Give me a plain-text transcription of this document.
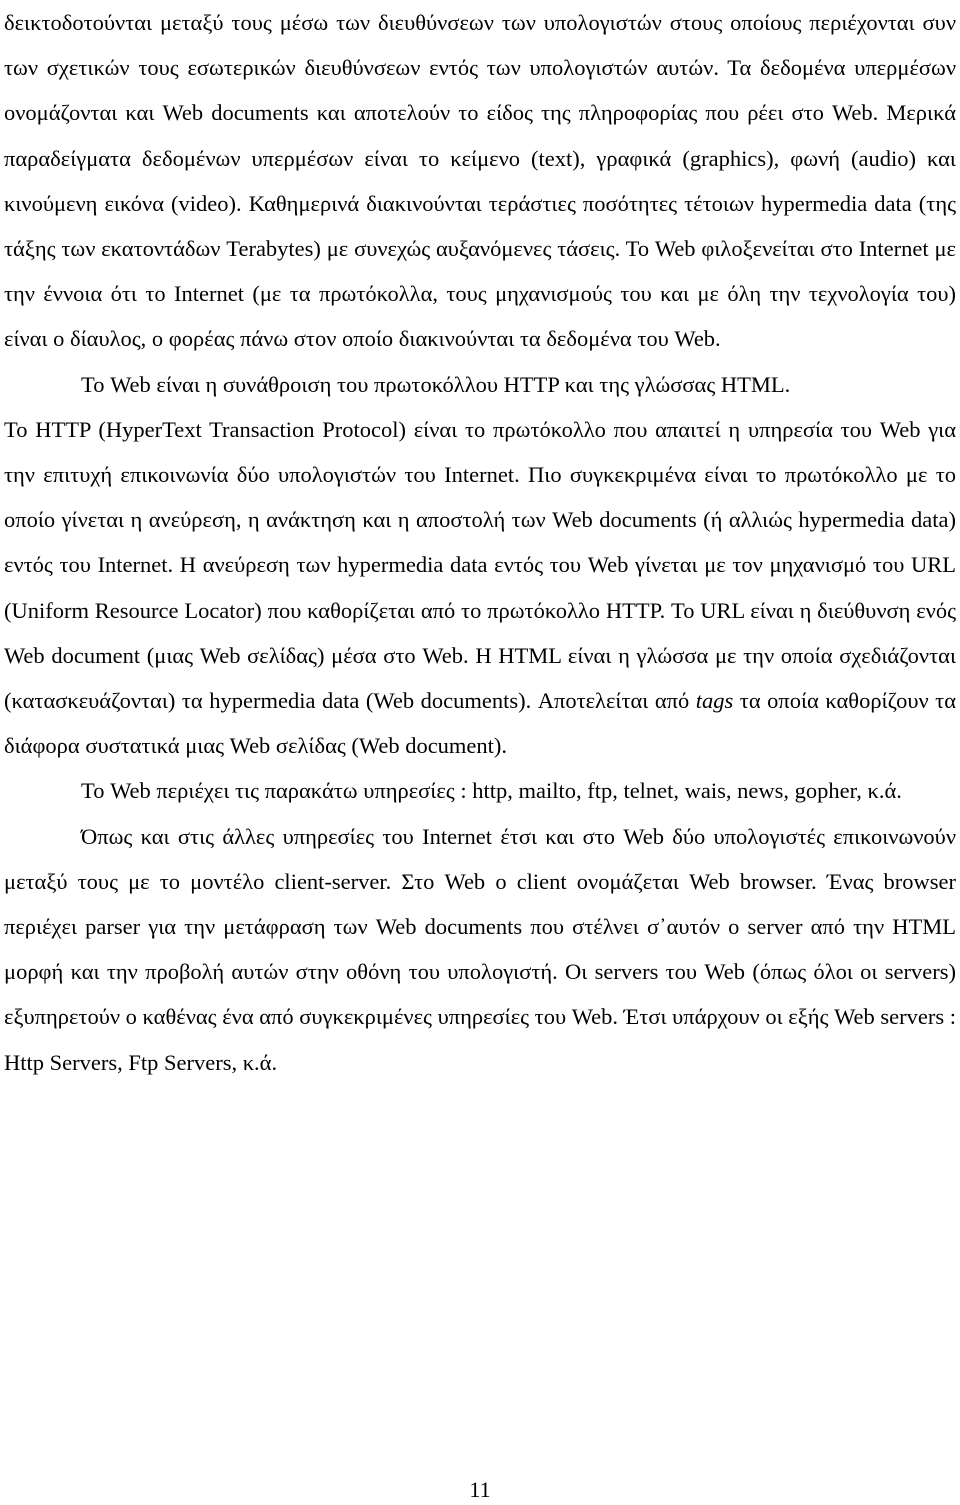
δεικτοδοτούνται μεταξύ τους μέσω των διευθύνσεων των υπολογιστών στους οποίους περιέχονται συν των σχετικών τους εσωτερικών διευθύνσεων εντός των υπολογιστών αυτών. Τα δεδομένα υπερμέσων ονομάζονται και Web documents και αποτελούν το είδος της πληροφορίας που ρέει στο Web. Μερικά παραδείγματα δεδομένων υπερμέσων είναι το κείμενο (text), γραφικά (graphics), φωνή (audio) και κινούμενη εικόνα (video). Καθημερινά διακινούνται τεράστιες ποσότητες τέτοιων hypermedia data (της τάξης των εκατοντάδων Terabytes) με συνεχώς αυξανόμενες τάσεις. Το Web φιλοξενείται στο Internet με την έννοια ότι το Internet (με τα πρωτόκολλα, τους μηχανισμούς του και με όλη την τεχνολογία του) είναι ο δίαυλος, ο φορέας πάνω στον οποίο διακινούνται τα δεδομένα του Web.

Το Web είναι η συνάθροιση του πρωτοκόλλου HTTP και της γλώσσας HTML.

Το HTTP (HyperText Transaction Protocol) είναι το πρωτόκολλο που απαιτεί η υπηρεσία του Web για την επιτυχή επικοινωνία δύο υπολογιστών του Internet. Πιο συγκεκριμένα είναι το πρωτόκολλο με το οποίο γίνεται η ανεύρεση, η ανάκτηση και η αποστολή των Web documents (ή αλλιώς hypermedia data) εντός του Internet. Η ανεύρεση των hypermedia data εντός του Web γίνεται με τον μηχανισμό του URL (Uniform Resource Locator) που καθορίζεται από το πρωτόκολλο HTTP. Το URL είναι η διεύθυνση ενός Web document (μιας Web σελίδας) μέσα στο Web. Η HTML είναι η γλώσσα με την οποία σχεδιάζονται (κατασκευάζονται) τα hypermedia data (Web documents). Αποτελείται από tags τα οποία καθορίζουν τα διάφορα συστατικά μιας Web σελίδας (Web document).

Το Web περιέχει τις παρακάτω υπηρεσίες : http, mailto, ftp, telnet, wais, news, gopher, κ.ά.

Όπως και στις άλλες υπηρεσίες του Internet έτσι και στο Web δύο υπολογιστές επικοινωνούν μεταξύ τους με το μοντέλο client-server. Στο Web ο client ονομάζεται Web browser. Ένας browser περιέχει parser για την μετάφραση των Web documents που στέλνει σ᾽αυτόν ο server από την HTML μορφή και την προβολή αυτών στην οθόνη του υπολογιστή. Οι servers του Web (όπως όλοι οι servers) εξυπηρετούν ο καθένας ένα από συγκεκριμένες υπηρεσίες του Web. Έτσι υπάρχουν οι εξής Web servers : Http Servers, Ftp Servers, κ.ά.

11
